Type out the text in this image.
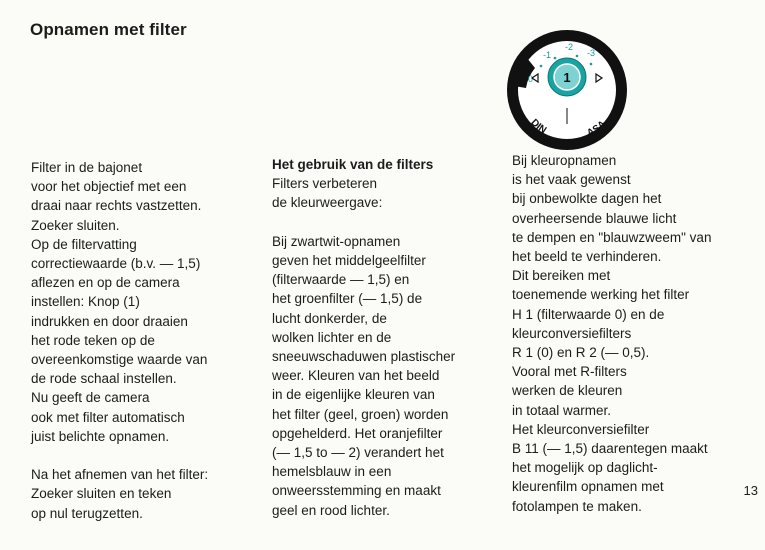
Opnamen met filter
0
-1
-2
-3
1
DIN	ASA
Filter in de bajonet
voor het objectief met een
draai naar rechts vastzetten.
Zoeker sluiten.
Op de filtervatting
correctiewaarde (b.v. — 1,5)
aflezen en op de camera
instellen: Knop (1)
indrukken en door draaien
het rode teken op de
overeenkomstige waarde van
de rode schaal instellen.
Nu geeft de camera
ook met filter automatisch
juist belichte opnamen.
Na het afnemen van het filter:
Zoeker sluiten en teken
op nul terugzetten.
Het gebruik van de filters
Filters verbeteren
de kleurweergave:
Bij zwartwit-opnamen
geven het middelgeelfilter
(filterwaarde — 1,5) en
het groenfilter (— 1,5) de
lucht donkerder, de
wolken lichter en de
sneeuwschaduwen plastischer
weer. Kleuren van het beeld
in de eigenlijke kleuren van
het filter (geel, groen) worden
opgehelderd. Het oranjefilter
(— 1,5 to — 2) verandert het
hemelsblauw in een
onweersstemming en maakt
geel en rood lichter.
Bij kleuropnamen
is het vaak gewenst
bij onbewolkte dagen het
overheersende blauwe licht
te dempen en "blauwzweem" van
het beeld te verhinderen.
Dit bereiken met
toenemende werking het filter
H 1 (filterwaarde 0) en de
kleurconversiefilters
R 1 (0) en R 2 (— 0,5).
Vooral met R-filters
werken de kleuren
in totaal warmer.
Het kleurconversiefilter
B 11 (— 1,5) daarentegen maakt
het mogelijk op daglicht-
kleurenfilm opnamen met
fotolampen te maken.
13
